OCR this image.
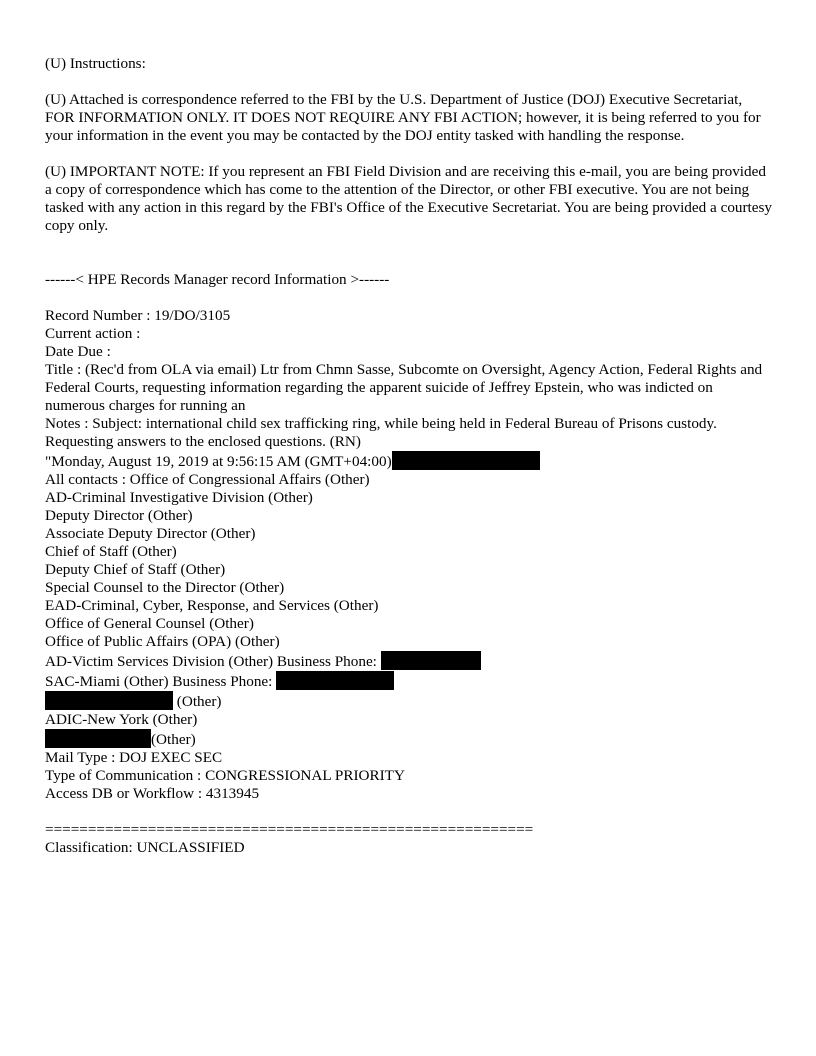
(U) Instructions:

(U) Attached is correspondence referred to the FBI by the U.S. Department of Justice (DOJ) Executive Secretariat, FOR INFORMATION ONLY. IT DOES NOT REQUIRE ANY FBI ACTION; however, it is being referred to you for your information in the event you may be contacted by the DOJ entity tasked with handling the response.

(U) IMPORTANT NOTE: If you represent an FBI Field Division and are receiving this e-mail, you are being provided a copy of correspondence which has come to the attention of the Director, or other FBI executive. You are not being tasked with any action in this regard by the FBI's Office of the Executive Secretariat. You are being provided a courtesy copy only.

------< HPE Records Manager record Information >------

Record Number : 19/DO/3105

Current action :

Date Due :

Title : (Rec'd from OLA via email) Ltr from Chmn Sasse, Subcomte on Oversight, Agency Action, Federal Rights and Federal Courts, requesting information regarding the apparent suicide of Jeffrey Epstein, who was indicted on numerous charges for running an

Notes : Subject: international child sex trafficking ring, while being held in Federal Bureau of Prisons custody. Requesting answers to the enclosed questions. (RN)

"Monday, August 19, 2019 at 9:56:15 AM (GMT+04:00)

All contacts : Office of Congressional Affairs (Other)

AD-Criminal Investigative Division (Other)

Deputy Director (Other)

Associate Deputy Director (Other)

Chief of Staff (Other)

Deputy Chief of Staff (Other)

Special Counsel to the Director (Other)

EAD-Criminal, Cyber, Response, and Services (Other)

Office of General Counsel (Other)

Office of Public Affairs (OPA) (Other)

AD-Victim Services Division (Other) Business Phone:

SAC-Miami (Other) Business Phone:

(Other)

ADIC-New York (Other)

(Other)

Mail Type : DOJ EXEC SEC

Type of Communication : CONGRESSIONAL PRIORITY

Access DB or Workflow : 4313945

=========================================================

Classification: UNCLASSIFIED
